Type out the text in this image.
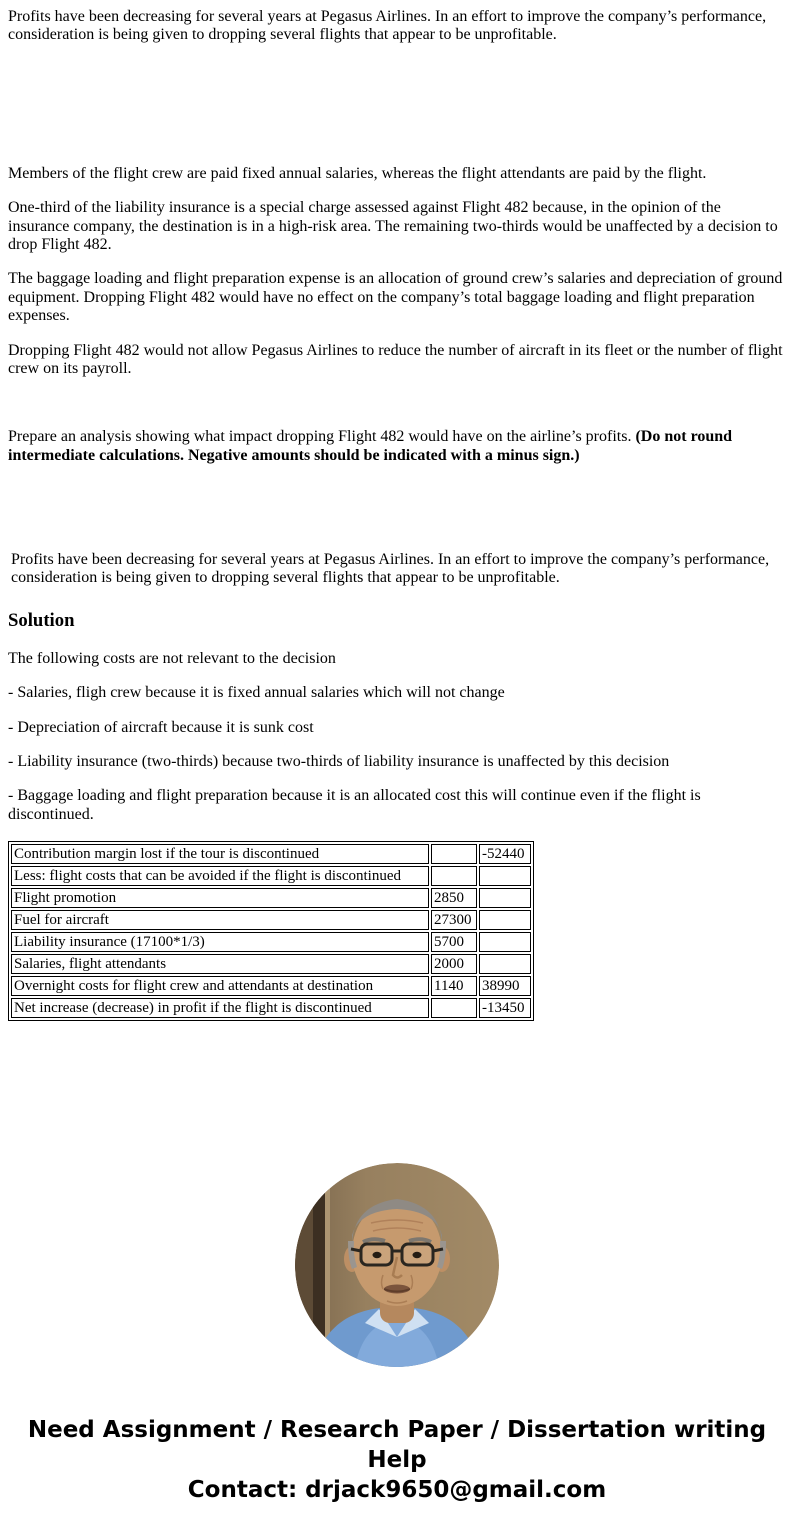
Profits have been decreasing for several years at Pegasus Airlines. In an effort to improve the company’s performance, consideration is being given to dropping several flights that appear to be unprofitable.

Members of the flight crew are paid fixed annual salaries, whereas the flight attendants are paid by the flight.

One-third of the liability insurance is a special charge assessed against Flight 482 because, in the opinion of the insurance company, the destination is in a high-risk area. The remaining two-thirds would be unaffected by a decision to drop Flight 482.

The baggage loading and flight preparation expense is an allocation of ground crew’s salaries and depreciation of ground equipment. Dropping Flight 482 would have no effect on the company’s total baggage loading and flight preparation expenses.

Dropping Flight 482 would not allow Pegasus Airlines to reduce the number of aircraft in its fleet or the number of flight crew on its payroll.

Prepare an analysis showing what impact dropping Flight 482 would have on the airline’s profits. (Do not round intermediate calculations. Negative amounts should be indicated with a minus sign.)

Profits have been decreasing for several years at Pegasus Airlines. In an effort to improve the company’s performance, consideration is being given to dropping several flights that appear to be unprofitable.

Solution

The following costs are not relevant to the decision

- Salaries, fligh crew because it is fixed annual salaries which will not change

- Depreciation of aircraft because it is sunk cost

- Liability insurance (two-thirds) because two-thirds of liability insurance is unaffected by this decision

- Baggage loading and flight preparation because it is an allocated cost this will continue even if the flight is discontinued.

Contribution margin lost if the tour is discontinued		-52440
Less: flight costs that can be avoided if the flight is discontinued		
Flight promotion	2850	
Fuel for aircraft	27300	
Liability insurance (17100*1/3)	5700	
Salaries, flight attendants	2000	
Overnight costs for flight crew and attendants at destination	1140	38990
Net increase (decrease) in profit if the flight is discontinued		-13450
Need Assignment / Research Paper / Dissertation writing Help
Contact: drjack9650@gmail.com
